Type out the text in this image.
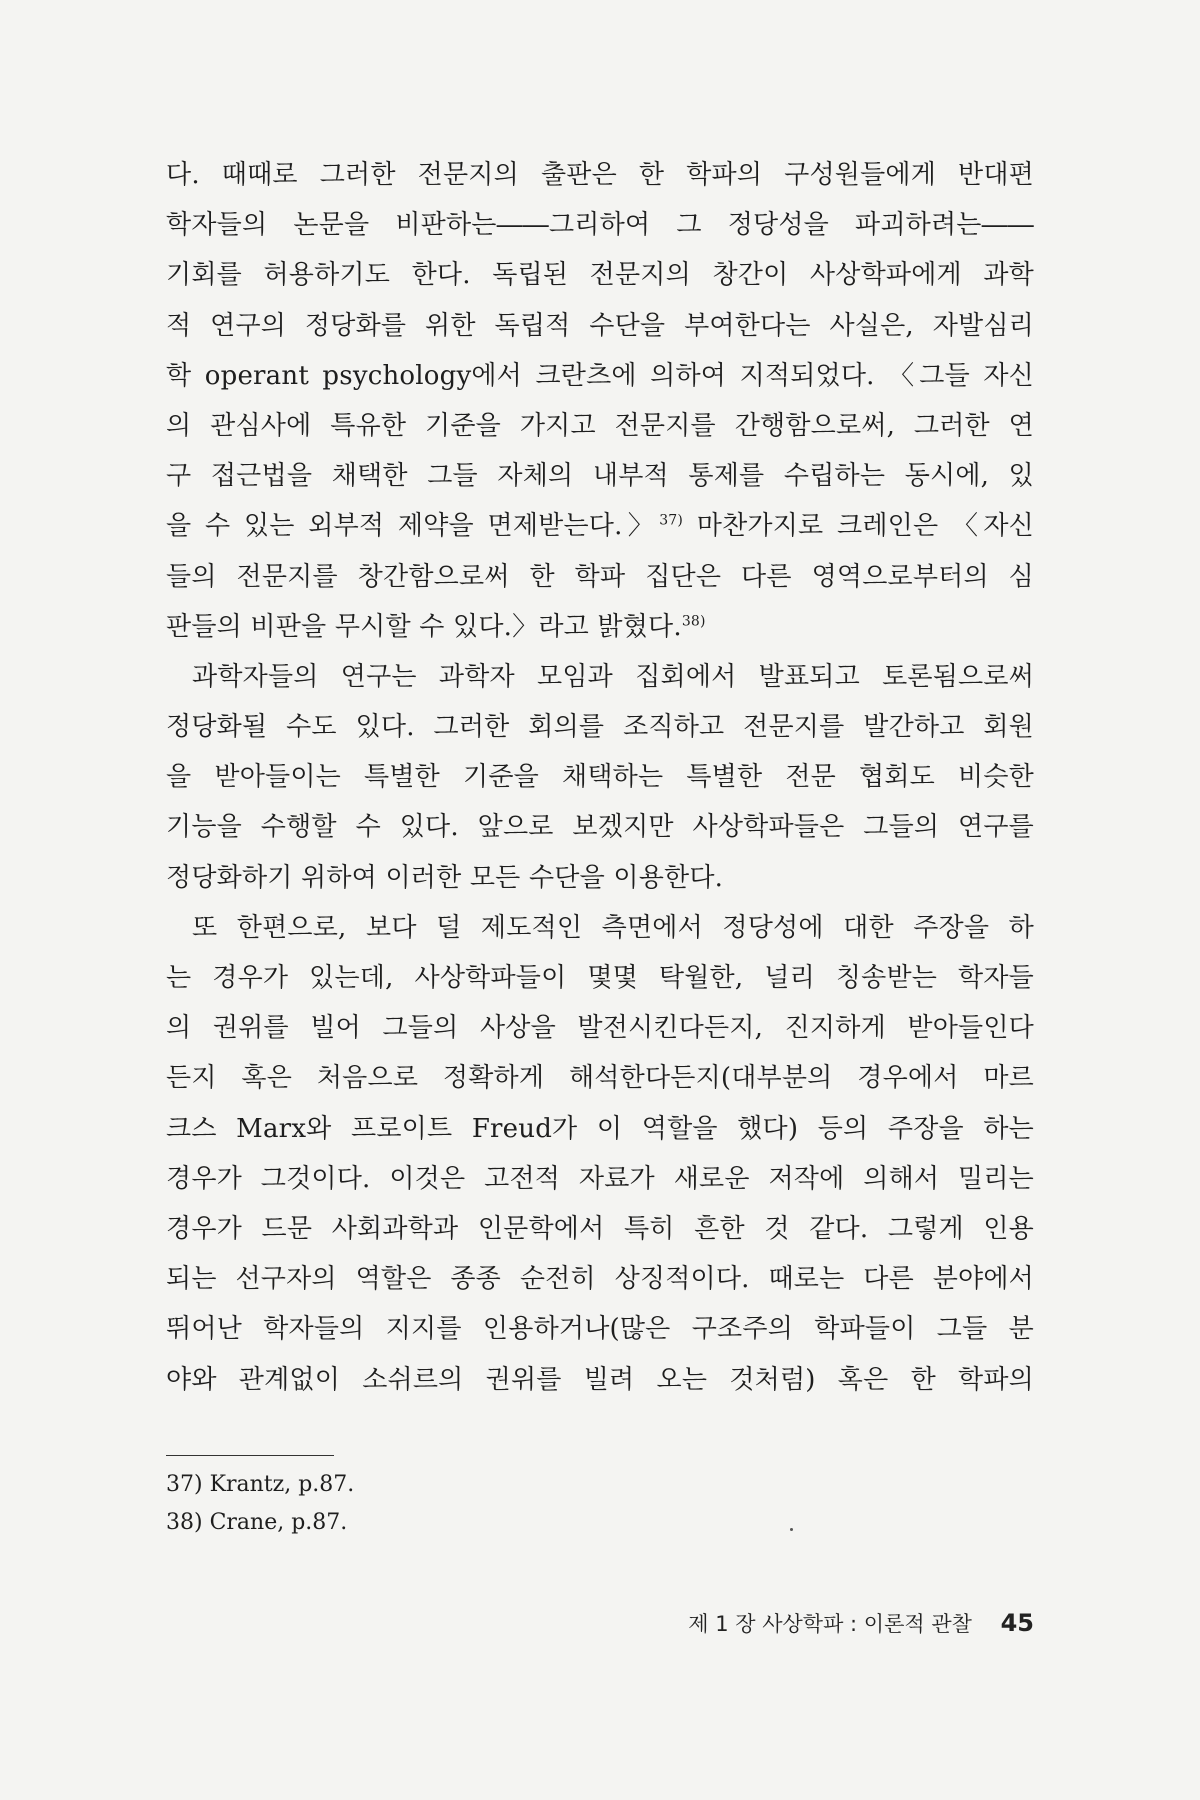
다. 때때로 그러한 전문지의 출판은 한 학파의 구성원들에게 반대편
학자들의 논문을 비판하는――그리하여 그 정당성을 파괴하려는――
기회를 허용하기도 한다. 독립된 전문지의 창간이 사상학파에게 과학
적 연구의 정당화를 위한 독립적 수단을 부여한다는 사실은, 자발심리
학 operant psychology에서 크란츠에 의하여 지적되었다. 〈그들 자신
의 관심사에 특유한 기준을 가지고 전문지를 간행함으로써, 그러한 연
구 접근법을 채택한 그들 자체의 내부적 통제를 수립하는 동시에, 있
을 수 있는 외부적 제약을 면제받는다.〉$^{37)}$ 마찬가지로 크레인은 〈자신
들의 전문지를 창간함으로써 한 학파 집단은 다른 영역으로부터의 심
판들의 비판을 무시할 수 있다.〉라고 밝혔다.$^{38)}$
과학자들의 연구는 과학자 모임과 집회에서 발표되고 토론됨으로써
정당화될 수도 있다. 그러한 회의를 조직하고 전문지를 발간하고 회원
을 받아들이는 특별한 기준을 채택하는 특별한 전문 협회도 비슷한
기능을 수행할 수 있다. 앞으로 보겠지만 사상학파들은 그들의 연구를
정당화하기 위하여 이러한 모든 수단을 이용한다.
또 한편으로, 보다 덜 제도적인 측면에서 정당성에 대한 주장을 하
는 경우가 있는데, 사상학파들이 몇몇 탁월한, 널리 칭송받는 학자들
의 권위를 빌어 그들의 사상을 발전시킨다든지, 진지하게 받아들인다
든지 혹은 처음으로 정확하게 해석한다든지(대부분의 경우에서 마르
크스 Marx와 프로이트 Freud가 이 역할을 했다) 등의 주장을 하는
경우가 그것이다. 이것은 고전적 자료가 새로운 저작에 의해서 밀리는
경우가 드문 사회과학과 인문학에서 특히 흔한 것 같다. 그렇게 인용
되는 선구자의 역할은 종종 순전히 상징적이다. 때로는 다른 분야에서
뛰어난 학자들의 지지를 인용하거나(많은 구조주의 학파들이 그들 분
야와 관계없이 소쉬르의 권위를 빌려 오는 것처럼) 혹은 한 학파의
37) Krantz, p.87.
38) Crane, p.87.
제 1 장 사상학파 : 이론적 관찰 45
